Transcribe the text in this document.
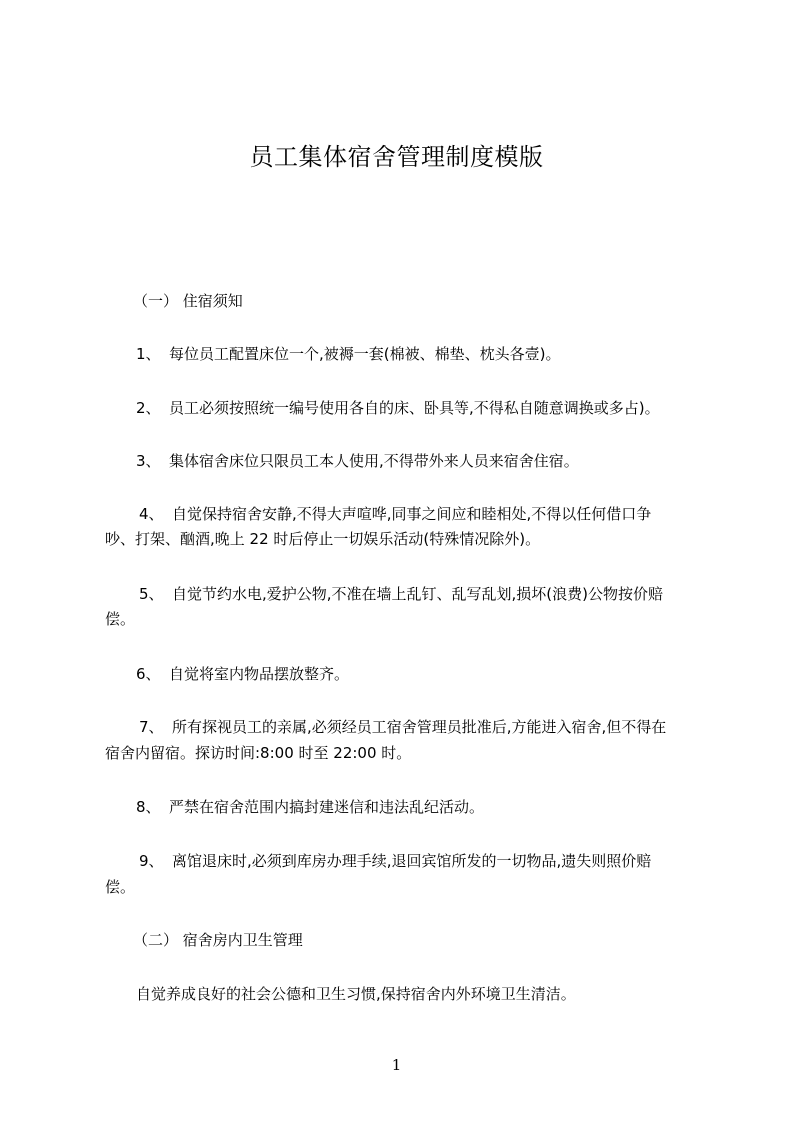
员工集体宿舍管理制度模版
（一） 住宿须知
1、 每位员工配置床位一个,被褥一套(棉被、棉垫、枕头各壹)。
2、 员工必须按照统一编号使用各自的床、卧具等,不得私自随意调换或多占)。
3、 集体宿舍床位只限员工本人使用,不得带外来人员来宿舍住宿。
4、 自觉保持宿舍安静,不得大声喧哗,同事之间应和睦相处,不得以任何借口争
吵、打架、酗酒,晚上 22 时后停止一切娱乐活动(特殊情况除外)。
5、 自觉节约水电,爱护公物,不准在墙上乱钉、乱写乱划,损坏(浪费)公物按价赔
偿。
6、 自觉将室内物品摆放整齐。
7、 所有探视员工的亲属,必须经员工宿舍管理员批准后,方能进入宿舍,但不得在
宿舍内留宿。探访时间:8:00 时至 22:00 时。
8、 严禁在宿舍范围内搞封建迷信和违法乱纪活动。
9、 离馆退床时,必须到库房办理手续,退回宾馆所发的一切物品,遗失则照价赔
偿。
（二） 宿舍房内卫生管理
自觉养成良好的社会公德和卫生习惯,保持宿舍内外环境卫生清洁。
1
